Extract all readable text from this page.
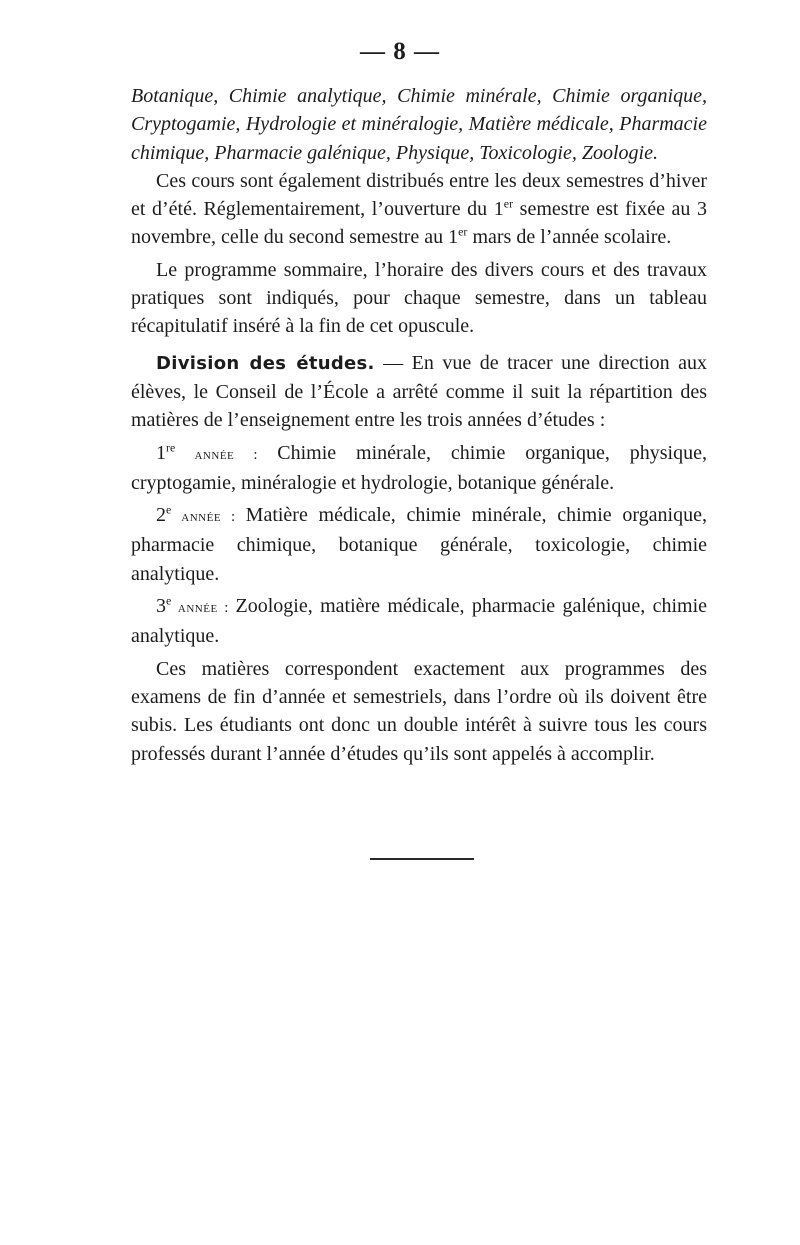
— 8 —

Botanique, Chimie analytique, Chimie minérale, Chimie organique, Cryptogamie, Hydrologie et minéralogie, Matière médicale, Pharmacie chimique, Pharmacie galénique, Physique, Toxicologie, Zoologie.

Ces cours sont également distribués entre les deux semestres d’hiver et d’été. Réglementairement, l’ouverture du 1er semestre est fixée au 3 novembre, celle du second semestre au 1er mars de l’année scolaire.

Le programme sommaire, l’horaire des divers cours et des travaux pratiques sont indiqués, pour chaque semestre, dans un tableau récapitulatif inséré à la fin de cet opuscule.

Division des études. — En vue de tracer une direction aux élèves, le Conseil de l’École a arrêté comme il suit la répartition des matières de l’enseignement entre les trois années d’études :

1re année : Chimie minérale, chimie organique, physique, cryptogamie, minéralogie et hydrologie, botanique générale.

2e année : Matière médicale, chimie minérale, chimie organique, pharmacie chimique, botanique générale, toxicologie, chimie analytique.

3e année : Zoologie, matière médicale, pharmacie galénique, chimie analytique.

Ces matières correspondent exactement aux programmes des examens de fin d’année et semestriels, dans l’ordre où ils doivent être subis. Les étudiants ont donc un double intérêt à suivre tous les cours professés durant l’année d’études qu’ils sont appelés à accomplir.
